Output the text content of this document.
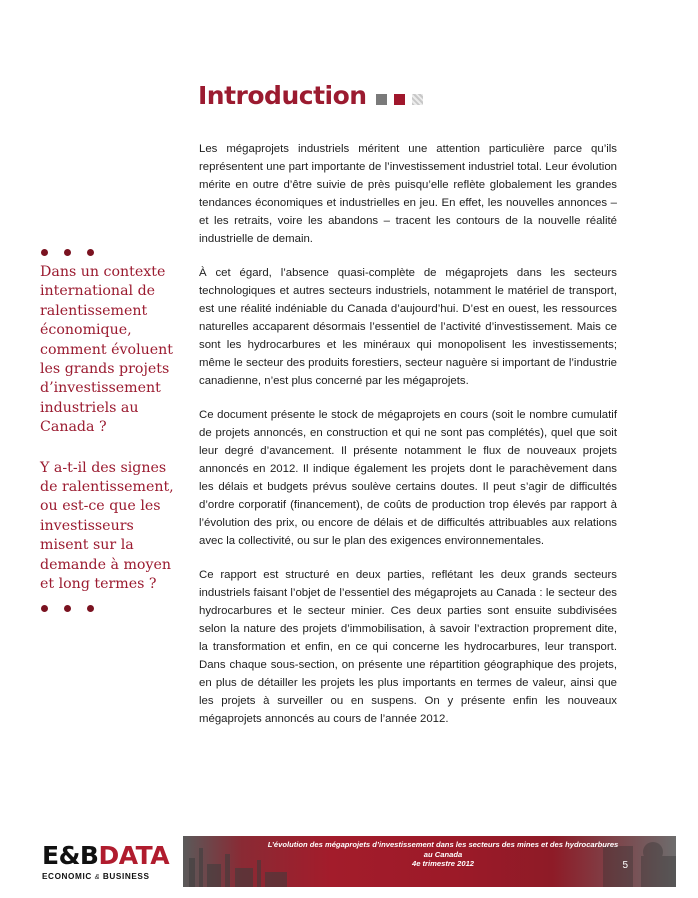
Introduction

Dans un contexte international de ralentissement économique, comment évoluent les grands projets d’investissement industriels au Canada ?

Y a-t-il des signes de ralentissement, ou est-ce que les investisseurs misent sur la demande à moyen et long termes ?

Les mégaprojets industriels méritent une attention particulière parce qu’ils représentent une part importante de l’investissement industriel total. Leur évolution mérite en outre d’être suivie de près puisqu’elle reflète globalement les grandes tendances économiques et industrielles en jeu. En effet, les nouvelles annonces – et les retraits, voire les abandons – tracent les contours de la nouvelle réalité industrielle de demain.

À cet égard, l’absence quasi-complète de mégaprojets dans les secteurs technologiques et autres secteurs industriels, notamment le matériel de transport, est une réalité indéniable du Canada d’aujourd’hui. D’est en ouest, les ressources naturelles accaparent désormais l’essentiel de l’activité d’investissement. Mais ce sont les hydrocarbures et les minéraux qui monopolisent les investissements; même le secteur des produits forestiers, secteur naguère si important de l’industrie canadienne, n’est plus concerné par les mégaprojets.

Ce document présente le stock de mégaprojets en cours (soit le nombre cumulatif de projets annoncés, en construction et qui ne sont pas complétés), quel que soit leur degré d’avancement. Il présente notamment le flux de nouveaux projets annoncés en 2012. Il indique également les projets dont le parachèvement dans les délais et budgets prévus soulève certains doutes. Il peut s’agir de difficultés d’ordre corporatif (financement), de coûts de production trop élevés par rapport à l’évolution des prix, ou encore de délais et de difficultés attribuables aux relations avec la collectivité, ou sur le plan des exigences environnementales.

Ce rapport est structuré en deux parties, reflétant les deux grands secteurs industriels faisant l’objet de l’essentiel des mégaprojets au Canada : le secteur des hydrocarbures et le secteur minier. Ces deux parties sont ensuite subdivisées selon la nature des projets d’immobilisation, à savoir l’extraction proprement dite, la transformation et enfin, en ce qui concerne les hydrocarbures, leur transport. Dans chaque sous-section, on présente une répartition géographique des projets, en plus de détailler les projets les plus importants en termes de valeur, ainsi que les projets à surveiller ou en suspens. On y présente enfin les nouveaux mégaprojets annoncés au cours de l’année 2012.

E&BDATA
ECONOMIC & BUSINESS
L’évolution des mégaprojets d’investissement dans les secteurs des mines et des hydrocarbures
au Canada
4e trimestre 2012	5
